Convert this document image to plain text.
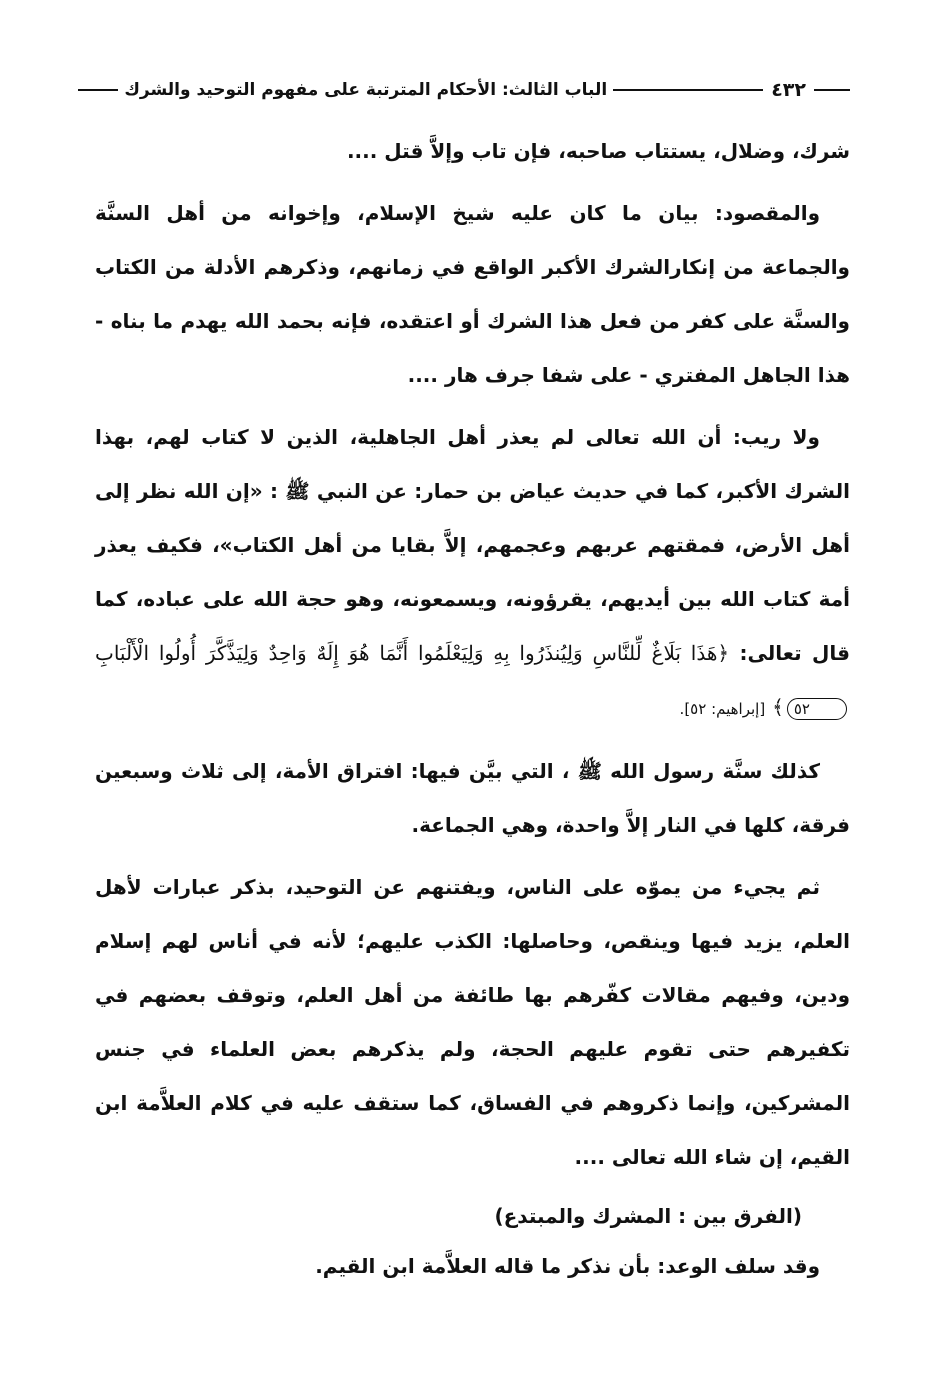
٤٣٢
الباب الثالث: الأحكام المترتبة على مفهوم التوحيد والشرك

شرك، وضلال، يستتاب صاحبه، فإن تاب وإلاَّ قتل ....

والمقصود: بيان ما كان عليه شيخ الإسلام، وإخوانه من أهل السنَّة والجماعة من إنكارالشرك الأكبر الواقع في زمانهم، وذكرهم الأدلة من الكتاب والسنَّة على كفر من فعل هذا الشرك أو اعتقده، فإنه بحمد الله يهدم ما بناه - هذا الجاهل المفتري - على شفا جرف هار ....

ولا ريب: أن الله تعالى لم يعذر أهل الجاهلية، الذين لا كتاب لهم، بهذا الشرك الأكبر، كما في حديث عياض بن حمار: عن النبي ﷺ : «إن الله نظر إلى أهل الأرض، فمقتهم عربهم وعجمهم، إلاَّ بقايا من أهل الكتاب»، فكيف يعذر أمة كتاب الله بين أيديهم، يقرؤونه، ويسمعونه، وهو حجة الله على عباده، كما قال تعالى: ﴿هَذَا بَلَاغٌ لِّلنَّاسِ وَلِيُنذَرُوا بِهِ وَلِيَعْلَمُوا أَنَّمَا هُوَ إِلَهٌ وَاحِدٌ وَلِيَذَّكَّرَ أُولُوا الْأَلْبَابِ ٥٢﴾ [إبراهيم: ٥٢].

كذلك سنَّة رسول الله ﷺ ، التي بيَّن فيها: افتراق الأمة، إلى ثلاث وسبعين فرقة، كلها في النار إلاَّ واحدة، وهي الجماعة.

ثم يجيء من يموّه على الناس، ويفتنهم عن التوحيد، بذكر عبارات لأهل العلم، يزيد فيها وينقص، وحاصلها: الكذب عليهم؛ لأنه في أناس لهم إسلام ودين، وفيهم مقالات كفّرهم بها طائفة من أهل العلم، وتوقف بعضهم في تكفيرهم حتى تقوم عليهم الحجة، ولم يذكرهم بعض العلماء في جنس المشركين، وإنما ذكروهم في الفساق، كما ستقف عليه في كلام العلاَّمة ابن القيم، إن شاء الله تعالى ....

(الفرق بين : المشرك والمبتدع)

وقد سلف الوعد: بأن نذكر ما قاله العلاَّمة ابن القيم.
